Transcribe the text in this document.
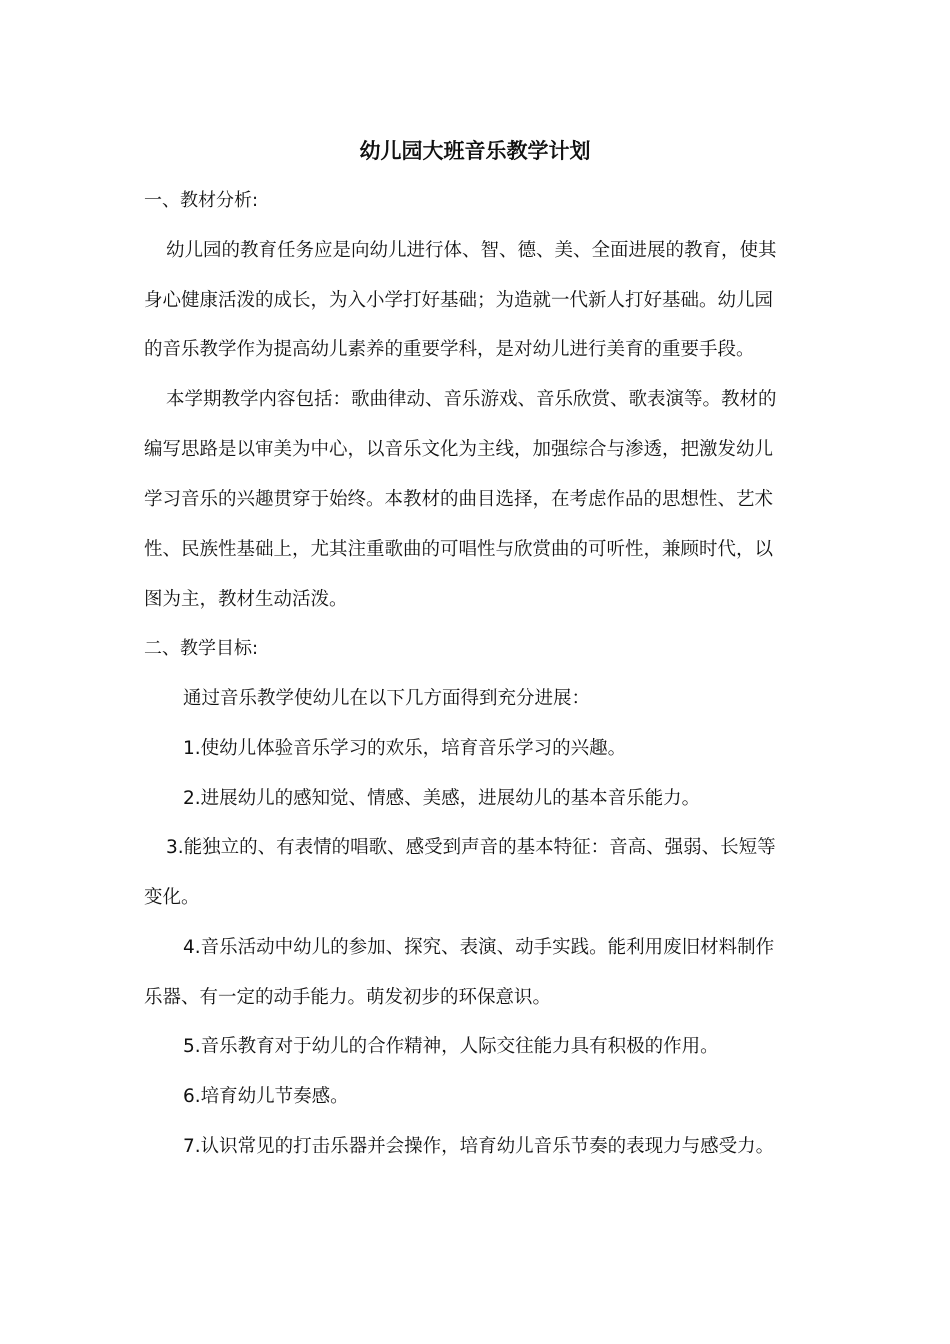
幼儿园大班音乐教学计划
一、教材分析:
幼儿园的教育任务应是向幼儿进行体、智、德、美、全面进展的教育，使其
身心健康活泼的成长，为入小学打好基础；为造就一代新人打好基础。幼儿园
的音乐教学作为提高幼儿素养的重要学科，是对幼儿进行美育的重要手段。
本学期教学内容包括：歌曲律动、音乐游戏、音乐欣赏、歌表演等。教材的
编写思路是以审美为中心，以音乐文化为主线，加强综合与渗透，把激发幼儿
学习音乐的兴趣贯穿于始终。本教材的曲目选择，在考虑作品的思想性、艺术
性、民族性基础上，尤其注重歌曲的可唱性与欣赏曲的可听性，兼顾时代，以
图为主，教材生动活泼。
二、教学目标:
通过音乐教学使幼儿在以下几方面得到充分进展：
1.使幼儿体验音乐学习的欢乐，培育音乐学习的兴趣。
2.进展幼儿的感知觉、情感、美感，进展幼儿的基本音乐能力。
3.能独立的、有表情的唱歌、感受到声音的基本特征：音高、强弱、长短等
变化。
4.音乐活动中幼儿的参加、探究、表演、动手实践。能利用废旧材料制作
乐器、有一定的动手能力。萌发初步的环保意识。
5.音乐教育对于幼儿的合作精神，人际交往能力具有积极的作用。
6.培育幼儿节奏感。
7.认识常见的打击乐器并会操作，培育幼儿音乐节奏的表现力与感受力。
